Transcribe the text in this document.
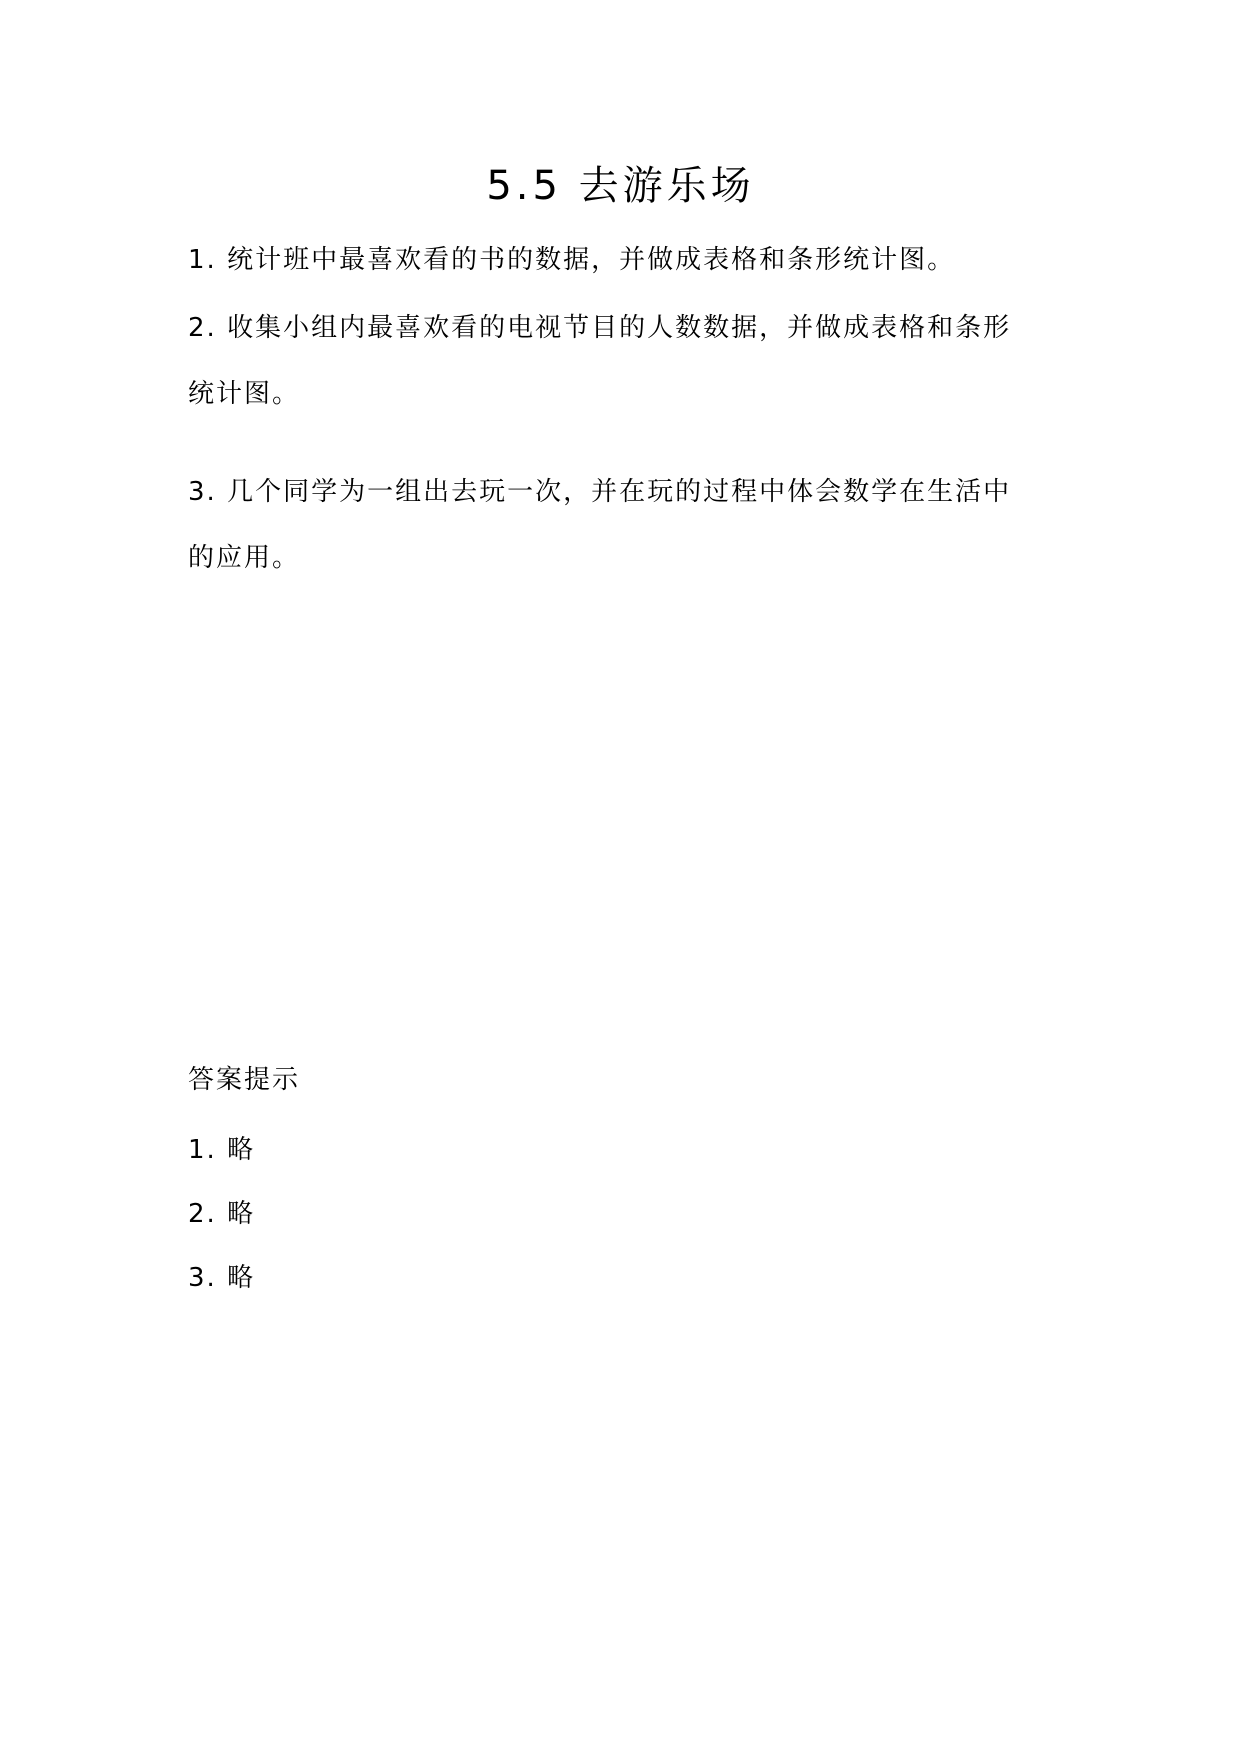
5.5 去游乐场
1. 统计班中最喜欢看的书的数据，并做成表格和条形统计图。
2. 收集小组内最喜欢看的电视节目的人数数据，并做成表格和条形
统计图。
3. 几个同学为一组出去玩一次，并在玩的过程中体会数学在生活中
的应用。
答案提示
1. 略
2. 略
3. 略
